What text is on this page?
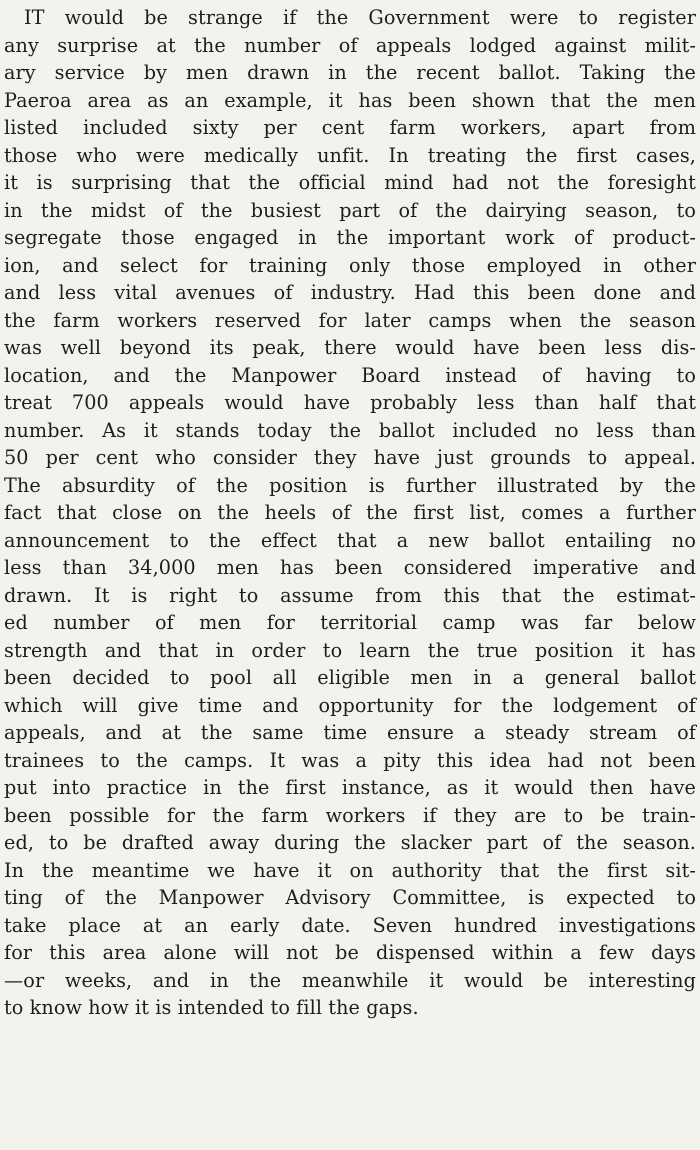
IT would be strange if the Government were to register
any surprise at the number of appeals lodged against milit-
ary service by men drawn in the recent ballot. Taking the
Paeroa area as an example, it has been shown that the men
listed included sixty per cent farm workers, apart from
those who were medically unfit. In treating the first cases,
it is surprising that the official mind had not the foresight
in the midst of the busiest part of the dairying season, to
segregate those engaged in the important work of product-
ion, and select for training only those employed in other
and less vital avenues of industry. Had this been done and
the farm workers reserved for later camps when the season
was well beyond its peak, there would have been less dis-
location, and the Manpower Board instead of having to
treat 700 appeals would have probably less than half that
number. As it stands today the ballot included no less than
50 per cent who consider they have just grounds to appeal.
The absurdity of the position is further illustrated by the
fact that close on the heels of the first list, comes a further
announcement to the effect that a new ballot entailing no
less than 34,000 men has been considered imperative and
drawn. It is right to assume from this that the estimat-
ed number of men for territorial camp was far below
strength and that in order to learn the true position it has
been decided to pool all eligible men in a general ballot
which will give time and opportunity for the lodgement of
appeals, and at the same time ensure a steady stream of
trainees to the camps. It was a pity this idea had not been
put into practice in the first instance, as it would then have
been possible for the farm workers if they are to be train-
ed, to be drafted away during the slacker part of the season.
In the meantime we have it on authority that the first sit-
ting of the Manpower Advisory Committee, is expected to
take place at an early date. Seven hundred investigations
for this area alone will not be dispensed within a few days
—or weeks, and in the meanwhile it would be interesting
to know how it is intended to fill the gaps.
